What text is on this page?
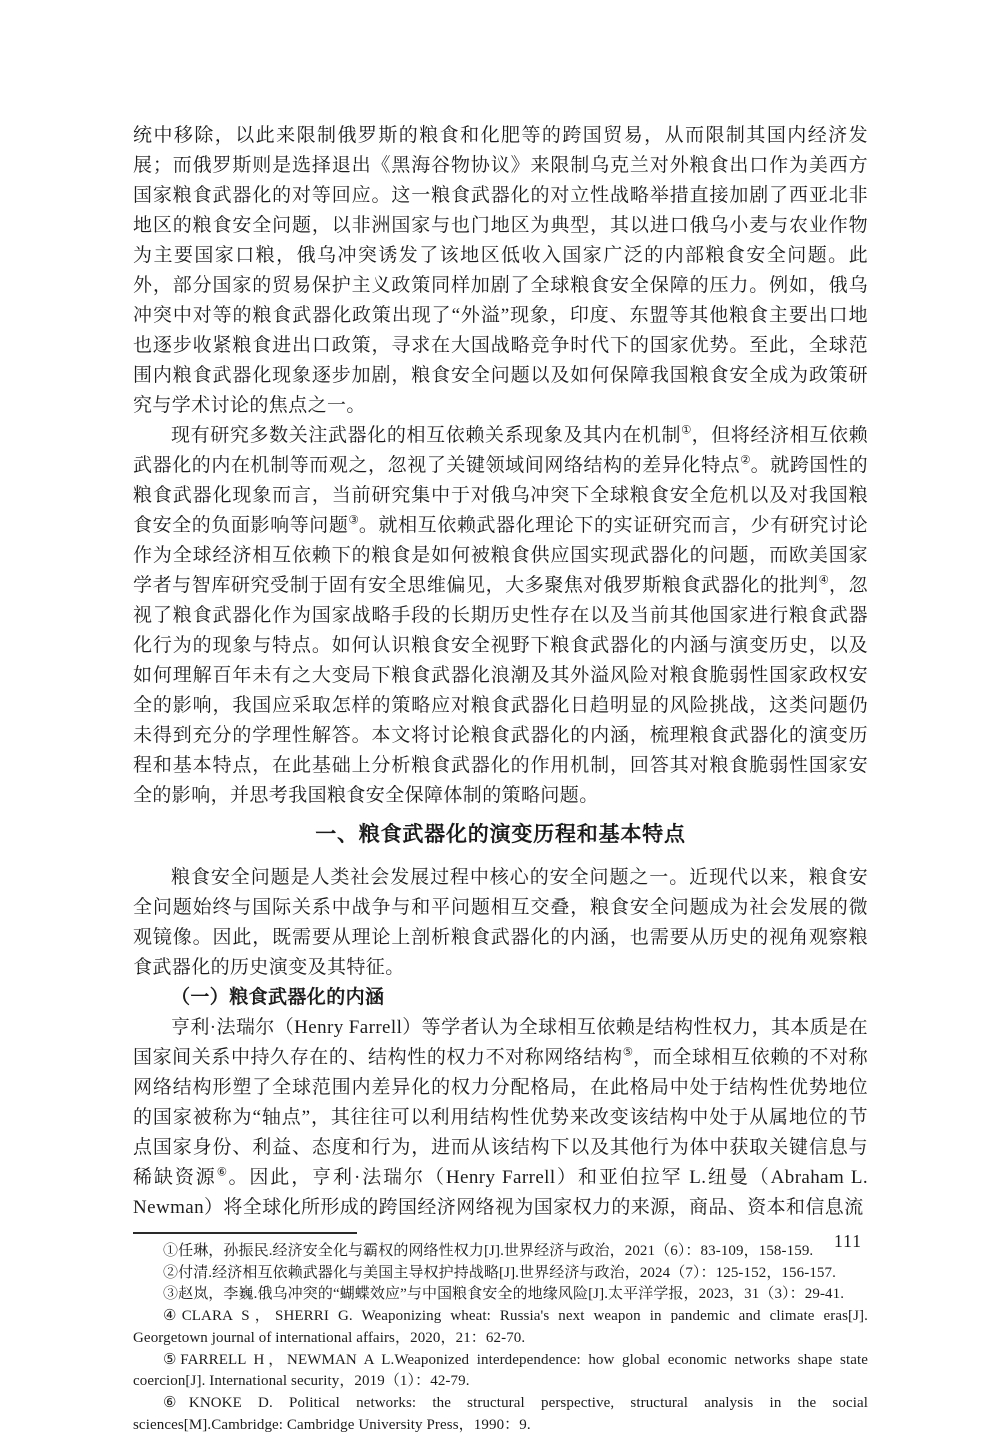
统中移除，以此来限制俄罗斯的粮食和化肥等的跨国贸易，从而限制其国内经济发展；而俄罗斯则是选择退出《黑海谷物协议》来限制乌克兰对外粮食出口作为美西方国家粮食武器化的对等回应。这一粮食武器化的对立性战略举措直接加剧了西亚北非地区的粮食安全问题，以非洲国家与也门地区为典型，其以进口俄乌小麦与农业作物为主要国家口粮，俄乌冲突诱发了该地区低收入国家广泛的内部粮食安全问题。此外，部分国家的贸易保护主义政策同样加剧了全球粮食安全保障的压力。例如，俄乌冲突中对等的粮食武器化政策出现了“外溢”现象，印度、东盟等其他粮食主要出口地也逐步收紧粮食进出口政策，寻求在大国战略竞争时代下的国家优势。至此，全球范围内粮食武器化现象逐步加剧，粮食安全问题以及如何保障我国粮食安全成为政策研究与学术讨论的焦点之一。

现有研究多数关注武器化的相互依赖关系现象及其内在机制①，但将经济相互依赖武器化的内在机制等而观之，忽视了关键领域间网络结构的差异化特点②。就跨国性的粮食武器化现象而言，当前研究集中于对俄乌冲突下全球粮食安全危机以及对我国粮食安全的负面影响等问题③。就相互依赖武器化理论下的实证研究而言，少有研究讨论作为全球经济相互依赖下的粮食是如何被粮食供应国实现武器化的问题，而欧美国家学者与智库研究受制于固有安全思维偏见，大多聚焦对俄罗斯粮食武器化的批判④，忽视了粮食武器化作为国家战略手段的长期历史性存在以及当前其他国家进行粮食武器化行为的现象与特点。如何认识粮食安全视野下粮食武器化的内涵与演变历史，以及如何理解百年未有之大变局下粮食武器化浪潮及其外溢风险对粮食脆弱性国家政权安全的影响，我国应采取怎样的策略应对粮食武器化日趋明显的风险挑战，这类问题仍未得到充分的学理性解答。本文将讨论粮食武器化的内涵，梳理粮食武器化的演变历程和基本特点，在此基础上分析粮食武器化的作用机制，回答其对粮食脆弱性国家安全的影响，并思考我国粮食安全保障体制的策略问题。

一、粮食武器化的演变历程和基本特点

粮食安全问题是人类社会发展过程中核心的安全问题之一。近现代以来，粮食安全问题始终与国际关系中战争与和平问题相互交叠，粮食安全问题成为社会发展的微观镜像。因此，既需要从理论上剖析粮食武器化的内涵，也需要从历史的视角观察粮食武器化的历史演变及其特征。

（一）粮食武器化的内涵

亨利·法瑞尔（Henry Farrell）等学者认为全球相互依赖是结构性权力，其本质是在国家间关系中持久存在的、结构性的权力不对称网络结构⑤，而全球相互依赖的不对称网络结构形塑了全球范围内差异化的权力分配格局，在此格局中处于结构性优势地位的国家被称为“轴点”，其往往可以利用结构性优势来改变该结构中处于从属地位的节点国家身份、利益、态度和行为，进而从该结构下以及其他行为体中获取关键信息与稀缺资源⑥。因此，亨利·法瑞尔（Henry Farrell）和亚伯拉罕 L.纽曼（Abraham L. Newman）将全球化所形成的跨国经济网络视为国家权力的来源，商品、资本和信息流

①任琳，孙振民.经济安全化与霸权的网络性权力[J].世界经济与政治，2021（6）：83-109，158-159.

②付清.经济相互依赖武器化与美国主导权护持战略[J].世界经济与政治，2024（7）：125-152，156-157.

③赵岚，李巍.俄乌冲突的“蝴蝶效应”与中国粮食安全的地缘风险[J].太平洋学报，2023，31（3）：29-41.

④CLARA S，SHERRI G. Weaponizing wheat: Russia's next weapon in pandemic and climate eras[J]. Georgetown journal of international affairs，2020，21：62-70.

⑤FARRELL H，NEWMAN A L.Weaponized interdependence: how global economic networks shape state coercion[J]. International security，2019（1）：42-79.

⑥KNOKE D. Political networks: the structural perspective, structural analysis in the social sciences[M].Cambridge: Cambridge University Press，1990：9.

111
